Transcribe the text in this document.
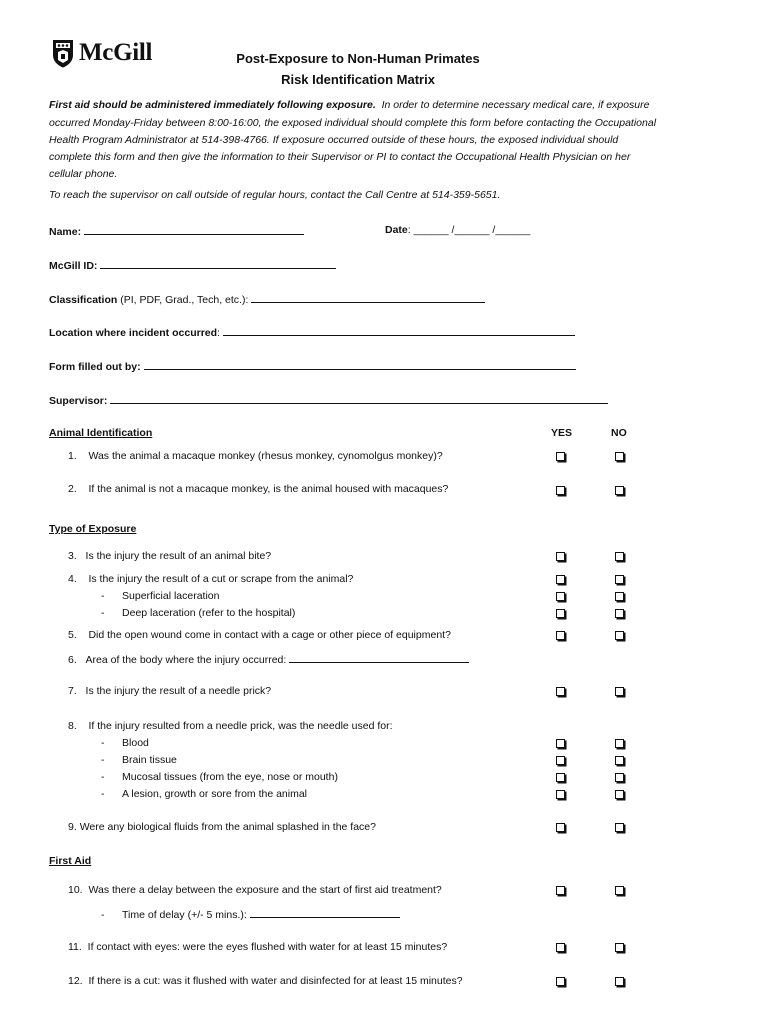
McGill	Post-Exposure to Non-Human Primates
Risk Identification Matrix
First aid should be administered immediately following exposure. In order to determine necessary medical care, if exposure
occurred Monday-Friday between 8:00-16:00, the exposed individual should complete this form before contacting the Occupational
Health Program Administrator at 514-398-4766. If exposure occurred outside of these hours, the exposed individual should
complete this form and then give the information to their Supervisor or PI to contact the Occupational Health Physician on her
cellular phone.
To reach the supervisor on call outside of regular hours, contact the Call Centre at 514-359-5651.
Name:	Date: ______ /______ /______
McGill ID:
Classification (PI, PDF, Grad., Tech, etc.):
Location where incident occurred:
Form filled out by:
Supervisor:
Animal Identification	YES	NO
1. Was the animal a macaque monkey (rhesus monkey, cynomolgus monkey)?
2. If the animal is not a macaque monkey, is the animal housed with macaques?
Type of Exposure
3. Is the injury the result of an animal bite?
4. Is the injury the result of a cut or scrape from the animal?
- Superficial laceration
- Deep laceration (refer to the hospital)
5. Did the open wound come in contact with a cage or other piece of equipment?
6. Area of the body where the injury occurred:
7. Is the injury the result of a needle prick?
8. If the injury resulted from a needle prick, was the needle used for:
- Blood
- Brain tissue
- Mucosal tissues (from the eye, nose or mouth)
- A lesion, growth or sore from the animal
9. Were any biological fluids from the animal splashed in the face?
First Aid
10. Was there a delay between the exposure and the start of first aid treatment?
- Time of delay (+/- 5 mins.):
11. If contact with eyes: were the eyes flushed with water for at least 15 minutes?
12. If there is a cut: was it flushed with water and disinfected for at least 15 minutes?
